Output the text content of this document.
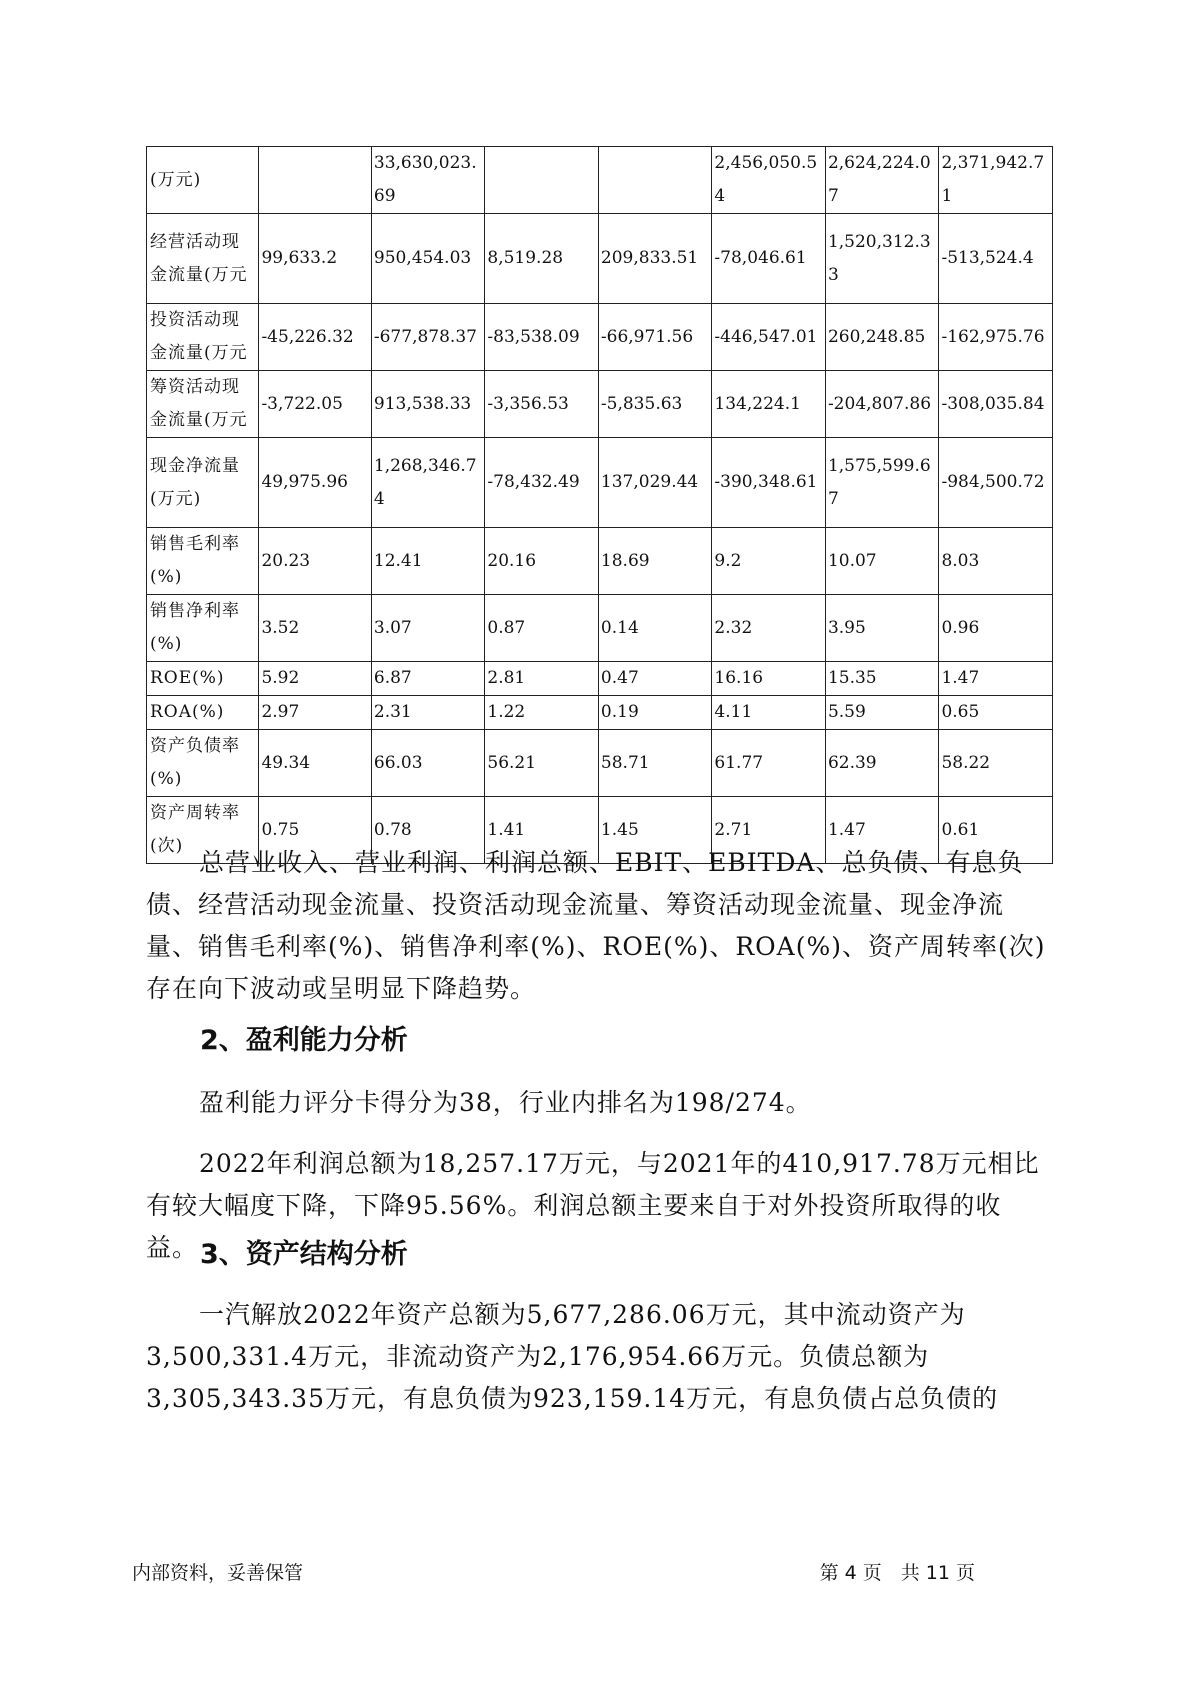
(万元)		33,630,023.69			2,456,050.54	2,624,224.07	2,371,942.71
经营活动现金流量(万元	99,633.2	950,454.03	8,519.28	209,833.51	-78,046.61	1,520,312.33	-513,524.4
投资活动现金流量(万元	-45,226.32	-677,878.37	-83,538.09	-66,971.56	-446,547.01	260,248.85	-162,975.76
筹资活动现金流量(万元	-3,722.05	913,538.33	-3,356.53	-5,835.63	134,224.1	-204,807.86	-308,035.84
现金净流量(万元)	49,975.96	1,268,346.74	-78,432.49	137,029.44	-390,348.61	1,575,599.67	-984,500.72
销售毛利率(%)	20.23	12.41	20.16	18.69	9.2	10.07	8.03
销售净利率(%)	3.52	3.07	0.87	0.14	2.32	3.95	0.96
ROE(%)	5.92	6.87	2.81	0.47	16.16	15.35	1.47
ROA(%)	2.97	2.31	1.22	0.19	4.11	5.59	0.65
资产负债率(%)	49.34	66.03	56.21	58.71	61.77	62.39	58.22
资产周转率(次)	0.75	0.78	1.41	1.45	2.71	1.47	0.61

总营业收入、营业利润、利润总额、EBIT、EBITDA、总负债、有息负债、经营活动现金流量、投资活动现金流量、筹资活动现金流量、现金净流量、销售毛利率(%)、销售净利率(%)、ROE(%)、ROA(%)、资产周转率(次)存在向下波动或呈明显下降趋势。

2、盈利能力分析

盈利能力评分卡得分为38，行业内排名为198/274。

2022年利润总额为18,257.17万元，与2021年的410,917.78万元相比有较大幅度下降，下降95.56%。利润总额主要来自于对外投资所取得的收益。 3、资产结构分析

一汽解放2022年资产总额为5,677,286.06万元，其中流动资产为3,500,331.4万元，非流动资产为2,176,954.66万元。负债总额为3,305,343.35万元，有息负债为923,159.14万元，有息负债占总负债的

内部资料，妥善保管	第 4 页　共 11 页
